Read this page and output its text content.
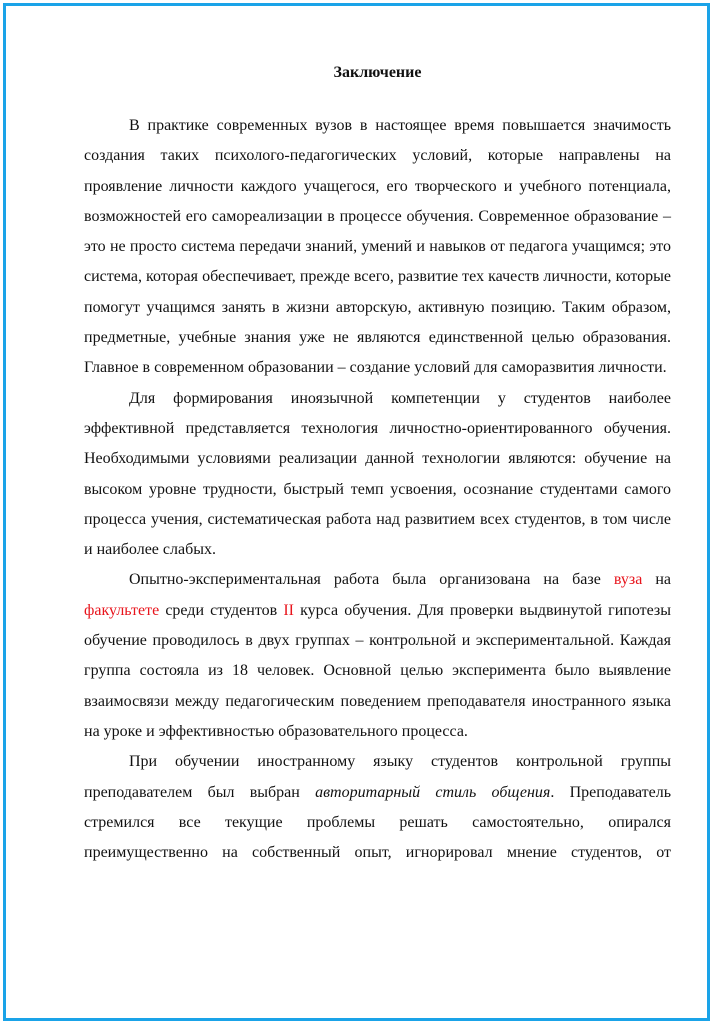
Заключение

В практике современных вузов в настоящее время повышается значимость создания таких психолого-педагогических условий, которые направлены на проявление личности каждого учащегося, его творческого и учебного потенциала, возможностей его самореализации в процессе обучения. Современное образование – это не просто система передачи знаний, умений и навыков от педагога учащимся; это система, которая обеспечивает, прежде всего, развитие тех качеств личности, которые помогут учащимся занять в жизни авторскую, активную позицию. Таким образом, предметные, учебные знания уже не являются единственной целью образования. Главное в современном образовании – создание условий для саморазвития личности.

Для формирования иноязычной компетенции у студентов наиболее эффективной представляется технология личностно-ориентированного обучения. Необходимыми условиями реализации данной технологии являются: обучение на высоком уровне трудности, быстрый темп усвоения, осознание студентами самого процесса учения, систематическая работа над развитием всех студентов, в том числе и наиболее слабых.

Опытно-экспериментальная работа была организована на базе вуза на факультете среди студентов II курса обучения. Для проверки выдвинутой гипотезы обучение проводилось в двух группах – контрольной и экспериментальной. Каждая группа состояла из 18 человек. Основной целью эксперимента было выявление взаимосвязи между педагогическим поведением преподавателя иностранного языка на уроке и эффективностью образовательного процесса.

При обучении иностранному языку студентов контрольной группы преподавателем был выбран авторитарный стиль общения. Преподаватель стремился все текущие проблемы решать самостоятельно, опирался преимущественно на собственный опыт, игнорировал мнение студентов, от
